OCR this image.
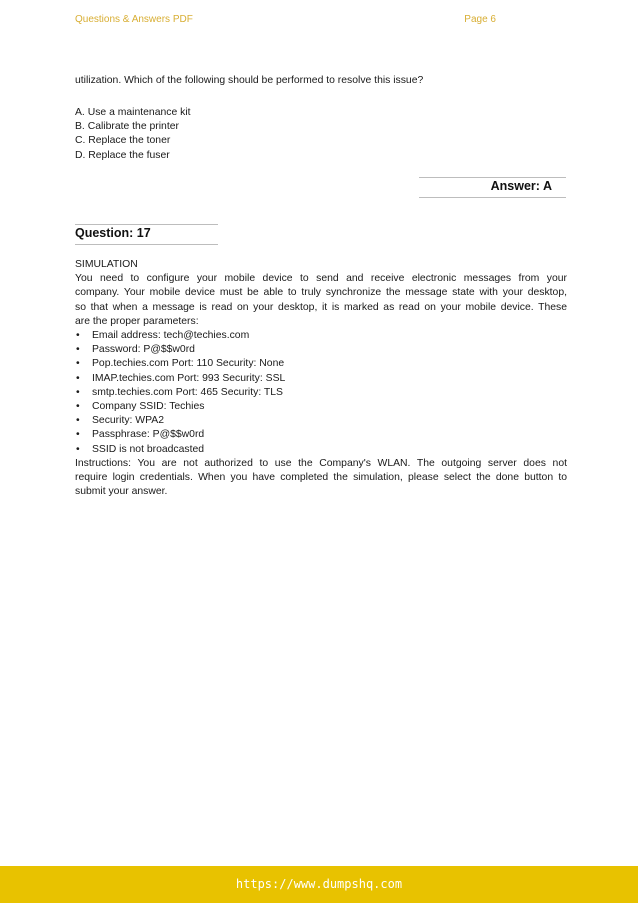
Questions & Answers PDF	Page 6
utilization. Which of the following should be performed to resolve this issue?
A. Use a maintenance kit
B. Calibrate the printer
C. Replace the toner
D. Replace the fuser
Answer: A
Question: 17
SIMULATION
You need to configure your mobile device to send and receive electronic messages from your
company. Your mobile device must be able to truly synchronize the message state with your desktop,
so that when a message is read on your desktop, it is marked as read on your mobile device. These
are the proper parameters:
• Email address: tech@techies.com
• Password: P@$$w0rd
• Pop.techies.com Port: 110 Security: None
• IMAP.techies.com Port: 993 Security: SSL
• smtp.techies.com Port: 465 Security: TLS
• Company SSID: Techies
• Security: WPA2
• Passphrase: P@$$w0rd
• SSID is not broadcasted
Instructions: You are not authorized to use the Company's WLAN. The outgoing server does not
require login credentials. When you have completed the simulation, please select the done button to
submit your answer.
https://www.dumpshq.com
